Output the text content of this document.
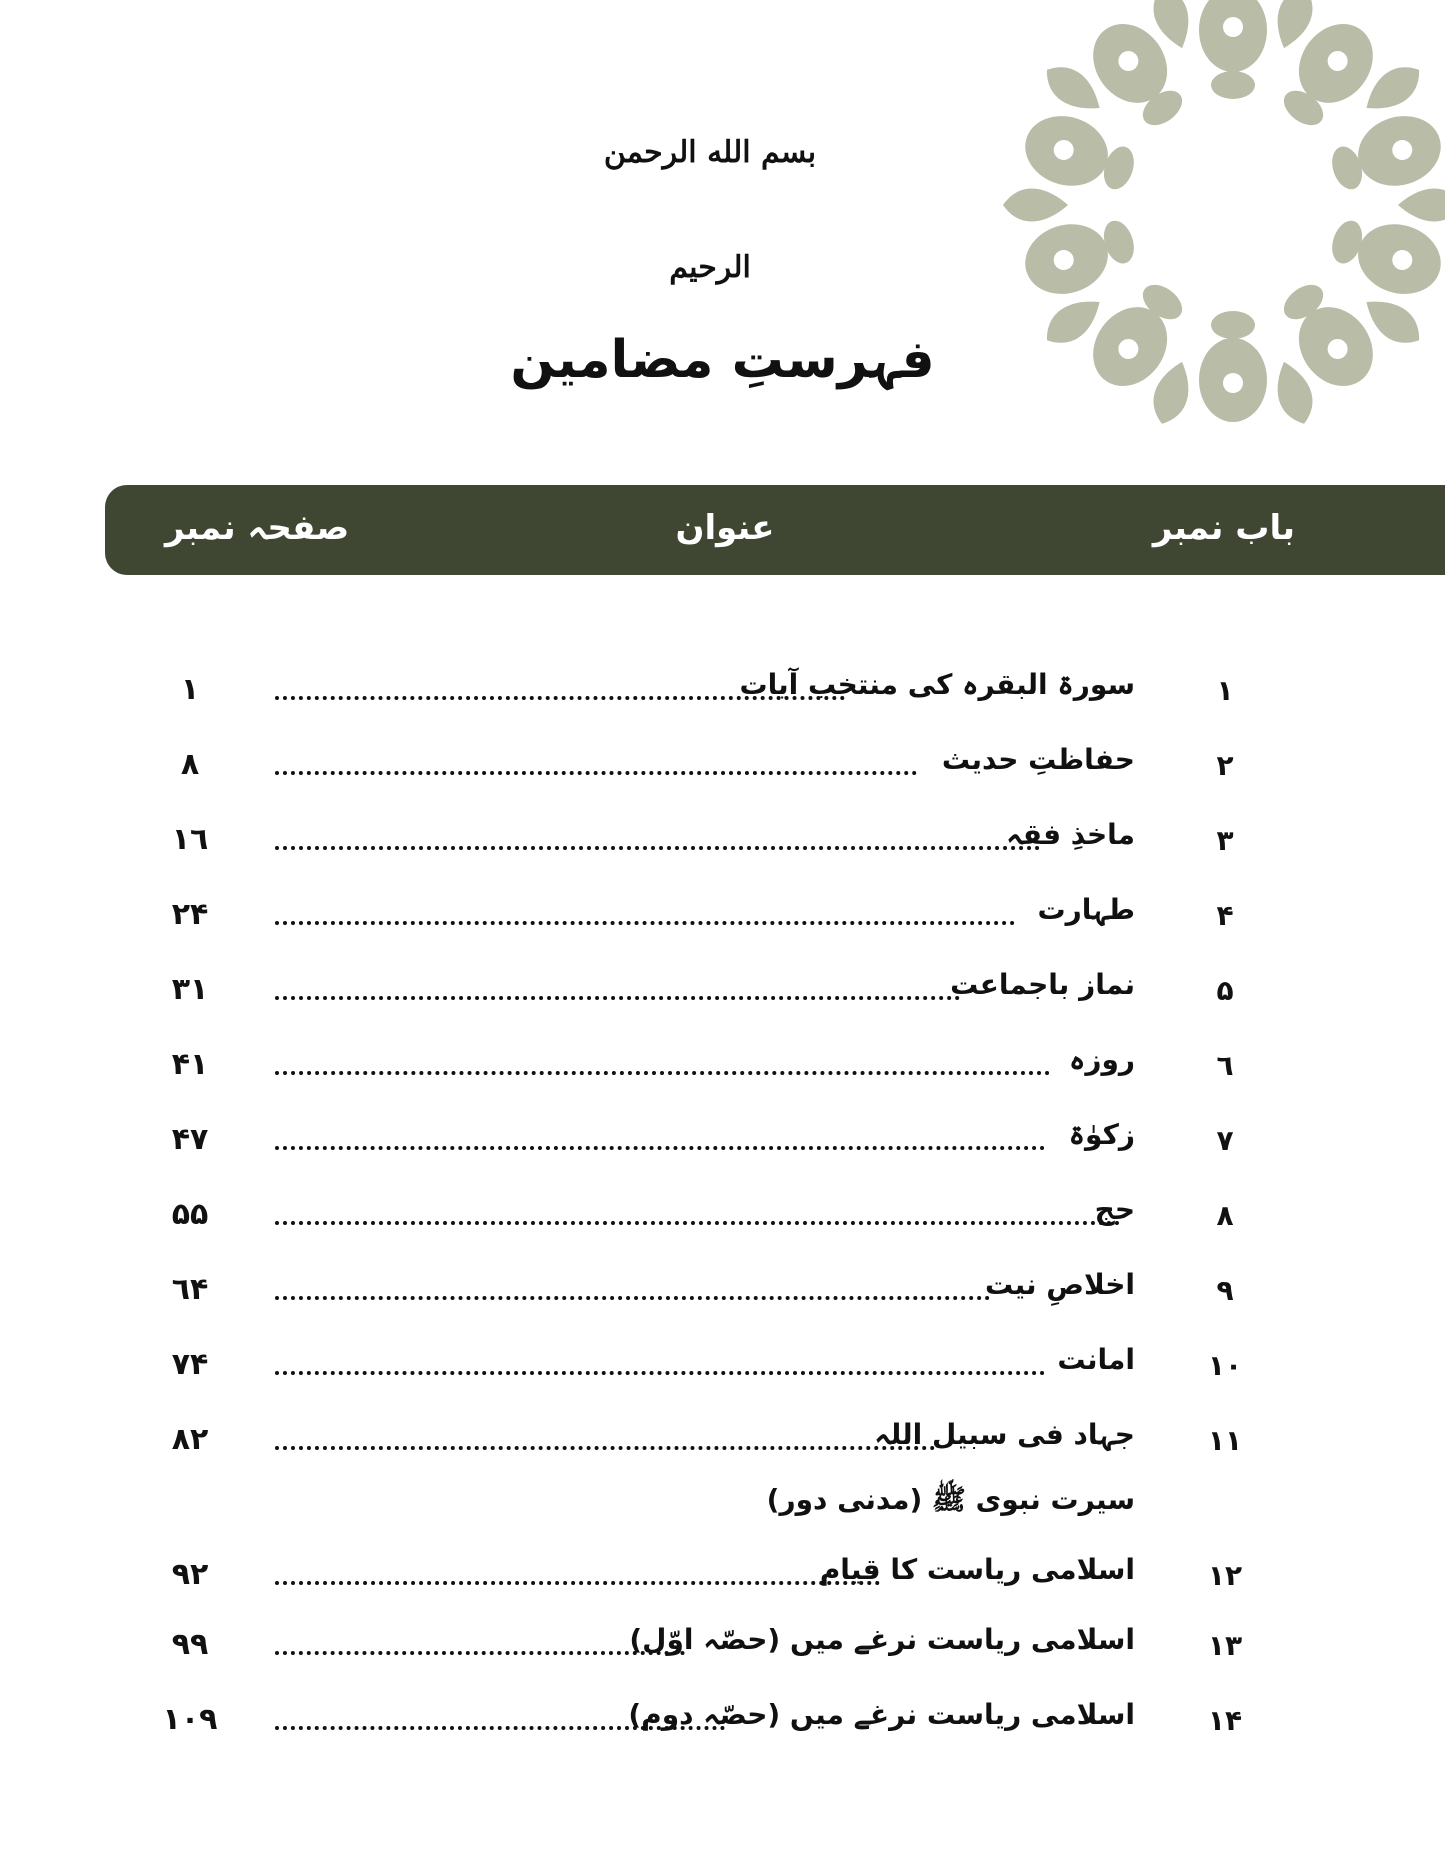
بسم الله الرحمن الرحیم
فہرستِ مضامین
باب نمبر
عنوان
صفحہ نمبر
١
سورۃ البقرہ کی منتخب آیات
١
٢
حفاظتِ حدیث
٨
٣
ماخذِ فقہ
١٦
۴
طہارت
٢۴
۵
نماز باجماعت
٣١
٦
روزہ
۴١
٧
زکوٰۃ
۴٧
٨
حج
۵۵
٩
اخلاصِ نیت
٦۴
١٠
امانت
٧۴
١١
جہاد فی سبیل اللہ
٨٢
سیرت نبوی ﷺ (مدنی دور)
١٢
اسلامی ریاست کا قیام
٩٢
١٣
اسلامی ریاست نرغے میں (حصّہ اوّل)
٩٩
١۴
اسلامی ریاست نرغے میں (حصّہ دوم)
١٠٩
